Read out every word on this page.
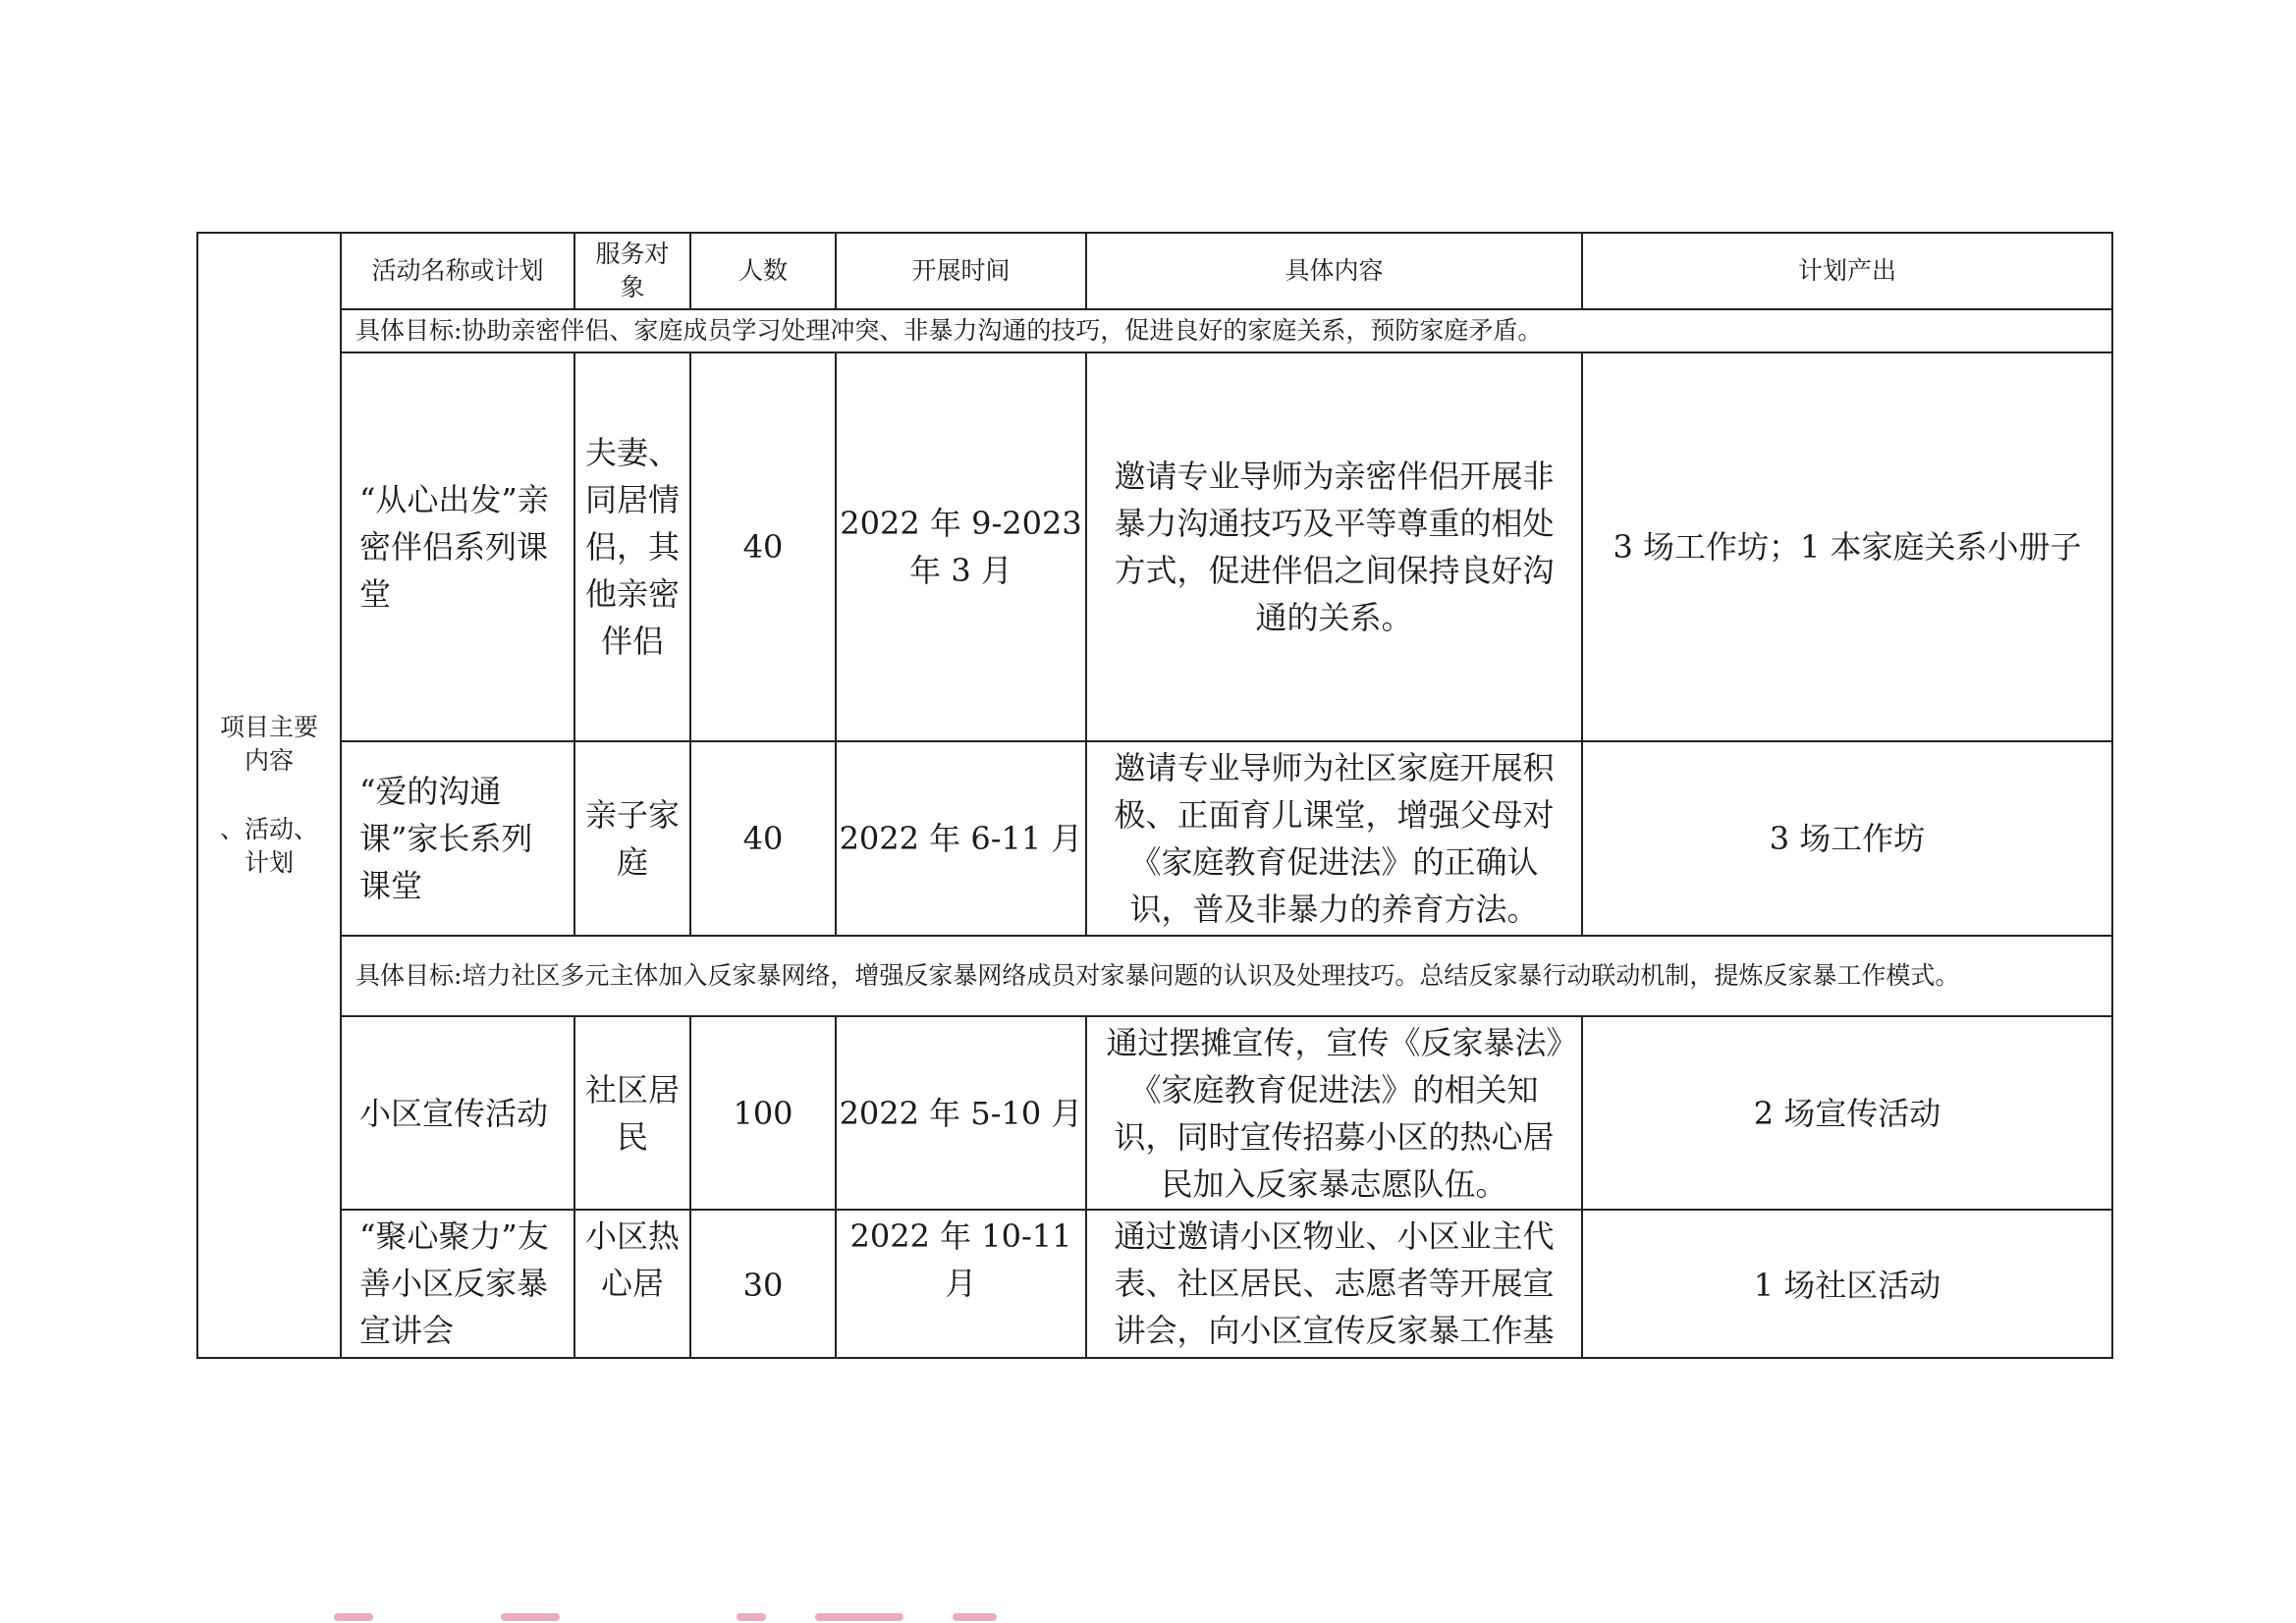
项目主要
内容
、活动、
计划	活动名称或计划	服务对象	人数	开展时间	具体内容	计划产出
	具体目标:协助亲密伴侣、家庭成员学习处理冲突、非暴力沟通的技巧，促进良好的家庭关系，预防家庭矛盾。					
	“从心出发”亲密伴侣系列课堂	夫妻、同居情侣，其他亲密伴侣	40	2022 年 9-2023 年 3 月	邀请专业导师为亲密伴侣开展非暴力沟通技巧及平等尊重的相处方式，促进伴侣之间保持良好沟通的关系。	3 场工作坊；1 本家庭关系小册子
	“爱的沟通课”家长系列课堂	亲子家庭	40	2022 年 6-11 月	邀请专业导师为社区家庭开展积极、正面育儿课堂，增强父母对《家庭教育促进法》的正确认识，普及非暴力的养育方法。	3 场工作坊
	具体目标:培力社区多元主体加入反家暴网络，增强反家暴网络成员对家暴问题的认识及处理技巧。总结反家暴行动联动机制，提炼反家暴工作模式。					
	小区宣传活动	社区居民	100	2022 年 5-10 月	通过摆摊宣传，宣传《反家暴法》《家庭教育促进法》的相关知识，同时宣传招募小区的热心居民加入反家暴志愿队伍。	2 场宣传活动
	“聚心聚力”友善小区反家暴宣讲会	小区热心居	30	2022 年 10-11 月	通过邀请小区物业、小区业主代表、社区居民、志愿者等开展宣讲会，向小区宣传反家暴工作基	1 场社区活动
